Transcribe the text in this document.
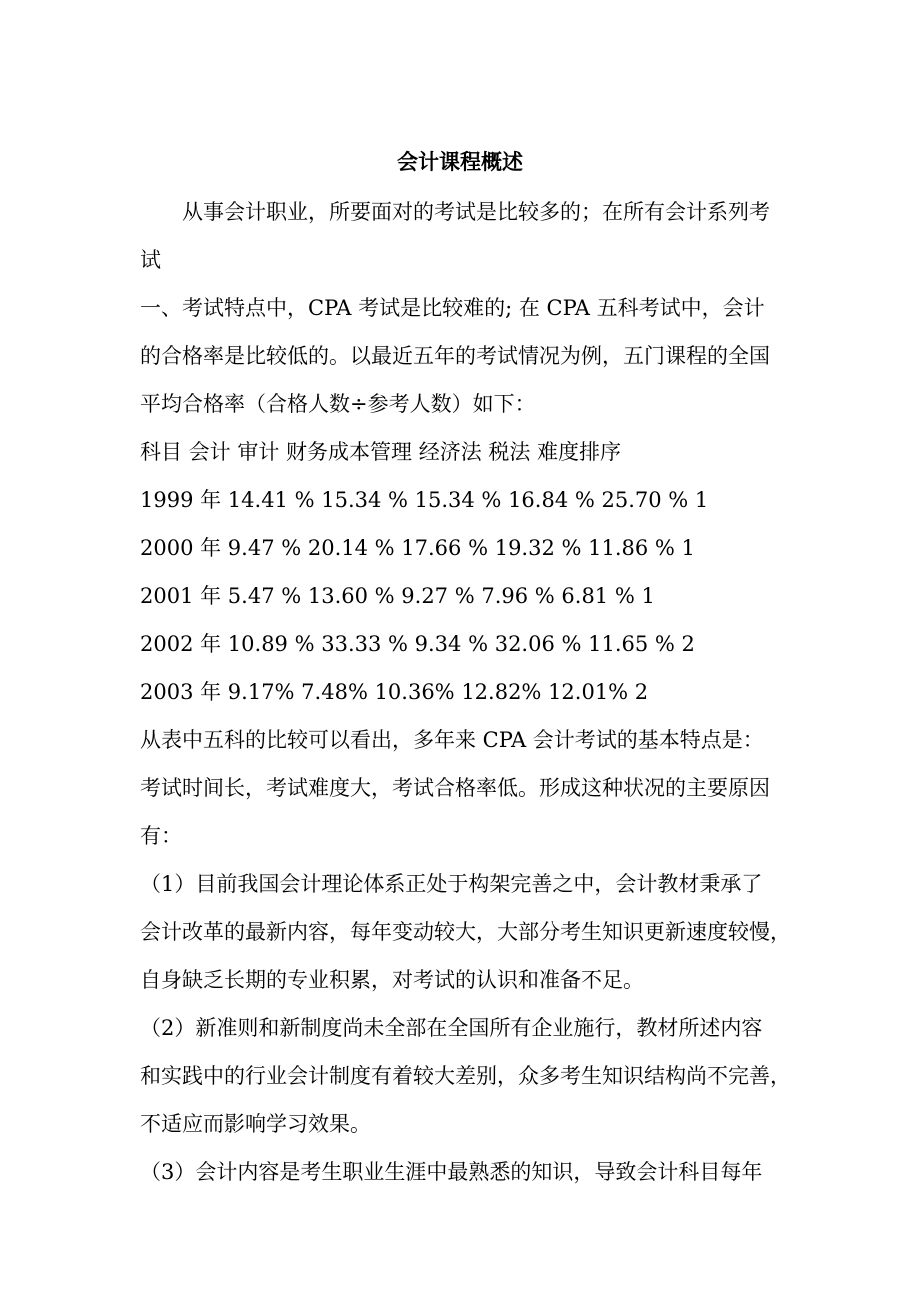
会计课程概述
　　从事会计职业，所要面对的考试是比较多的；在所有会计系列考
试
一、考试特点中，CPA 考试是比较难的; 在 CPA 五科考试中，会计
的合格率是比较低的。以最近五年的考试情况为例，五门课程的全国
平均合格率（合格人数÷参考人数）如下：
科目 会计 审计 财务成本管理 经济法 税法 难度排序
1999 年 14.41 % 15.34 % 15.34 % 16.84 % 25.70 % 1
2000 年 9.47 % 20.14 % 17.66 % 19.32 % 11.86 % 1
2001 年 5.47 % 13.60 % 9.27 % 7.96 % 6.81 % 1
2002 年 10.89 % 33.33 % 9.34 % 32.06 % 11.65 % 2
2003 年 9.17% 7.48% 10.36% 12.82% 12.01% 2
从表中五科的比较可以看出，多年来 CPA 会计考试的基本特点是：
考试时间长，考试难度大，考试合格率低。形成这种状况的主要原因
有：
（1）目前我国会计理论体系正处于构架完善之中，会计教材秉承了
会计改革的最新内容，每年变动较大，大部分考生知识更新速度较慢，
自身缺乏长期的专业积累，对考试的认识和准备不足。
（2）新准则和新制度尚未全部在全国所有企业施行，教材所述内容
和实践中的行业会计制度有着较大差别，众多考生知识结构尚不完善，
不适应而影响学习效果。
（3）会计内容是考生职业生涯中最熟悉的知识，导致会计科目每年
